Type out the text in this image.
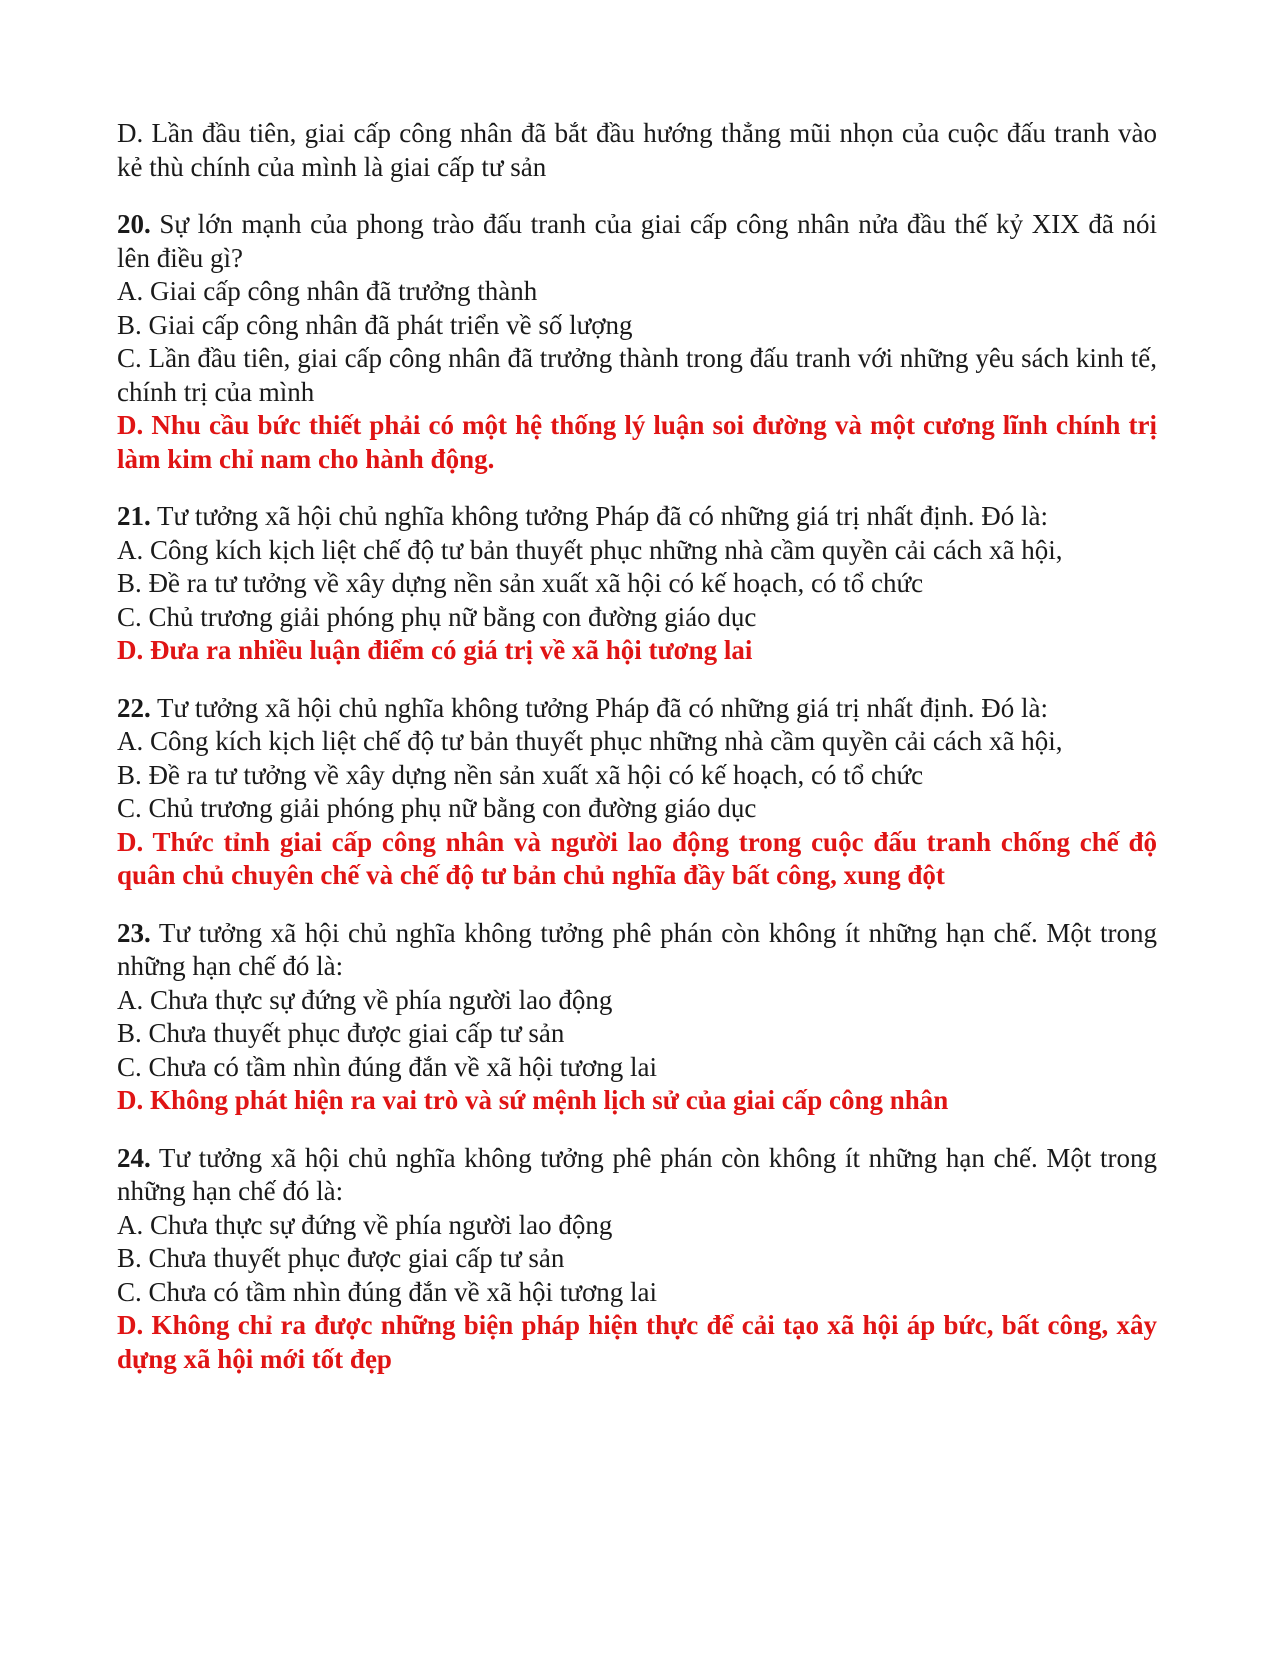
D. Lần đầu tiên, giai cấp công nhân đã bắt đầu hướng thẳng mũi nhọn của cuộc đấu tranh vào kẻ thù chính của mình là giai cấp tư sản

20. Sự lớn mạnh của phong trào đấu tranh của giai cấp công nhân nửa đầu thế kỷ XIX đã nói lên điều gì?

A. Giai cấp công nhân đã trưởng thành

B. Giai cấp công nhân đã phát triển về số lượng

C. Lần đầu tiên, giai cấp công nhân đã trưởng thành trong đấu tranh với những yêu sách kinh tế, chính trị của mình

D. Nhu cầu bức thiết phải có một hệ thống lý luận soi đường và một cương lĩnh chính trị làm kim chỉ nam cho hành động.

21. Tư tưởng xã hội chủ nghĩa không tưởng Pháp đã có những giá trị nhất định. Đó là:

A. Công kích kịch liệt chế độ tư bản thuyết phục những nhà cầm quyền cải cách xã hội,

B. Đề ra tư tưởng về xây dựng nền sản xuất xã hội có kế hoạch, có tổ chức

C. Chủ trương giải phóng phụ nữ bằng con đường giáo dục

D. Đưa ra nhiều luận điểm có giá trị về xã hội tương lai

22. Tư tưởng xã hội chủ nghĩa không tưởng Pháp đã có những giá trị nhất định. Đó là:

A. Công kích kịch liệt chế độ tư bản thuyết phục những nhà cầm quyền cải cách xã hội,

B. Đề ra tư tưởng về xây dựng nền sản xuất xã hội có kế hoạch, có tổ chức

C. Chủ trương giải phóng phụ nữ bằng con đường giáo dục

D. Thức tỉnh giai cấp công nhân và người lao động trong cuộc đấu tranh chống chế độ quân chủ chuyên chế và chế độ tư bản chủ nghĩa đầy bất công, xung đột

23. Tư tưởng xã hội chủ nghĩa không tưởng phê phán còn không ít những hạn chế. Một trong những hạn chế đó là:

A. Chưa thực sự đứng về phía người lao động

B. Chưa thuyết phục được giai cấp tư sản

C. Chưa có tầm nhìn đúng đắn về xã hội tương lai

D. Không phát hiện ra vai trò và sứ mệnh lịch sử của giai cấp công nhân

24. Tư tưởng xã hội chủ nghĩa không tưởng phê phán còn không ít những hạn chế. Một trong những hạn chế đó là:

A. Chưa thực sự đứng về phía người lao động

B. Chưa thuyết phục được giai cấp tư sản

C. Chưa có tầm nhìn đúng đắn về xã hội tương lai

D. Không chỉ ra được những biện pháp hiện thực để cải tạo xã hội áp bức, bất công, xây dựng xã hội mới tốt đẹp
